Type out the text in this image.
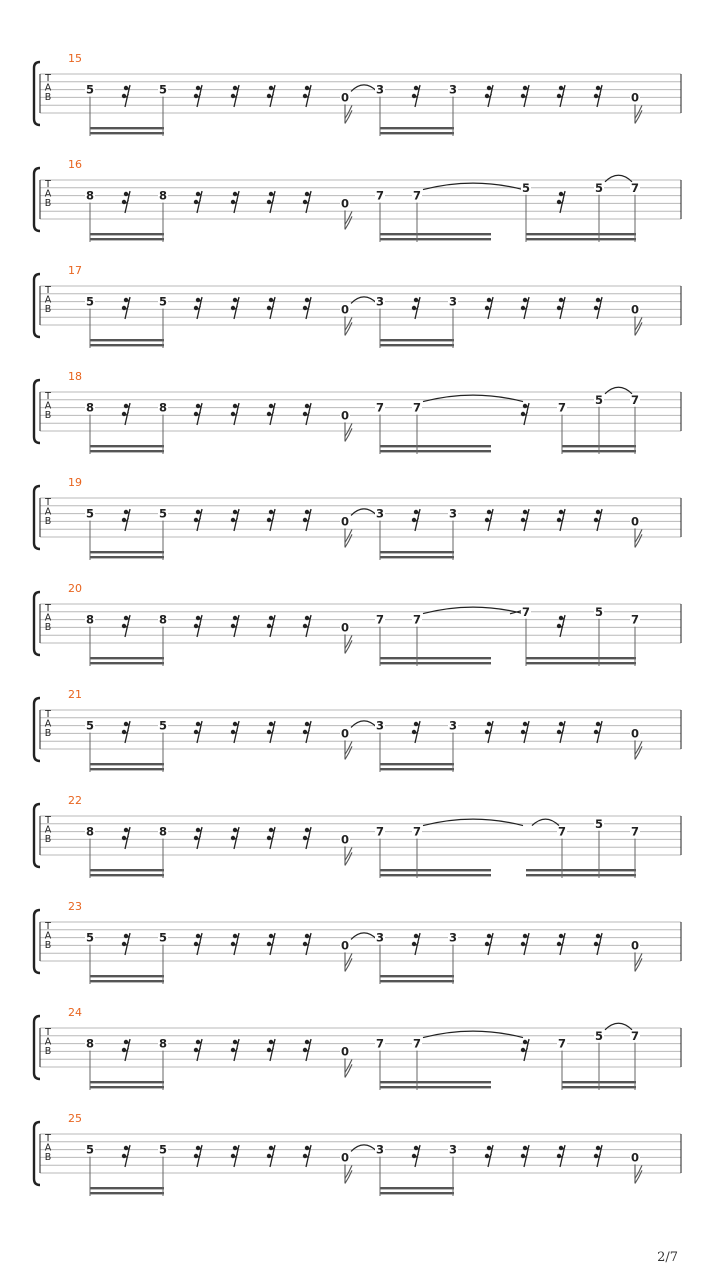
15
T
A
B
5	5
0
3	3
0
16
T
A
B
8	8
0
7	7
5	5 7
17
T
A
B
5	5
0
3	3
0
18
T
A
B
8	8
0
7	7	7
5 7
19
T
A
B
5	5
0
3	3
0
20
T
A
B
8	8
0
7	7
7	5
7
21
T
A
B
5	5
0
3	3
0
22
T
A
B
8	8
0
7	7	7
5
7
23
T
A
B
5	5
0
3	3
0
24
T
A
B
8	8
0
7	7	7
5 7
25
T
A
B
5	5
0
3	3
0
2/7
